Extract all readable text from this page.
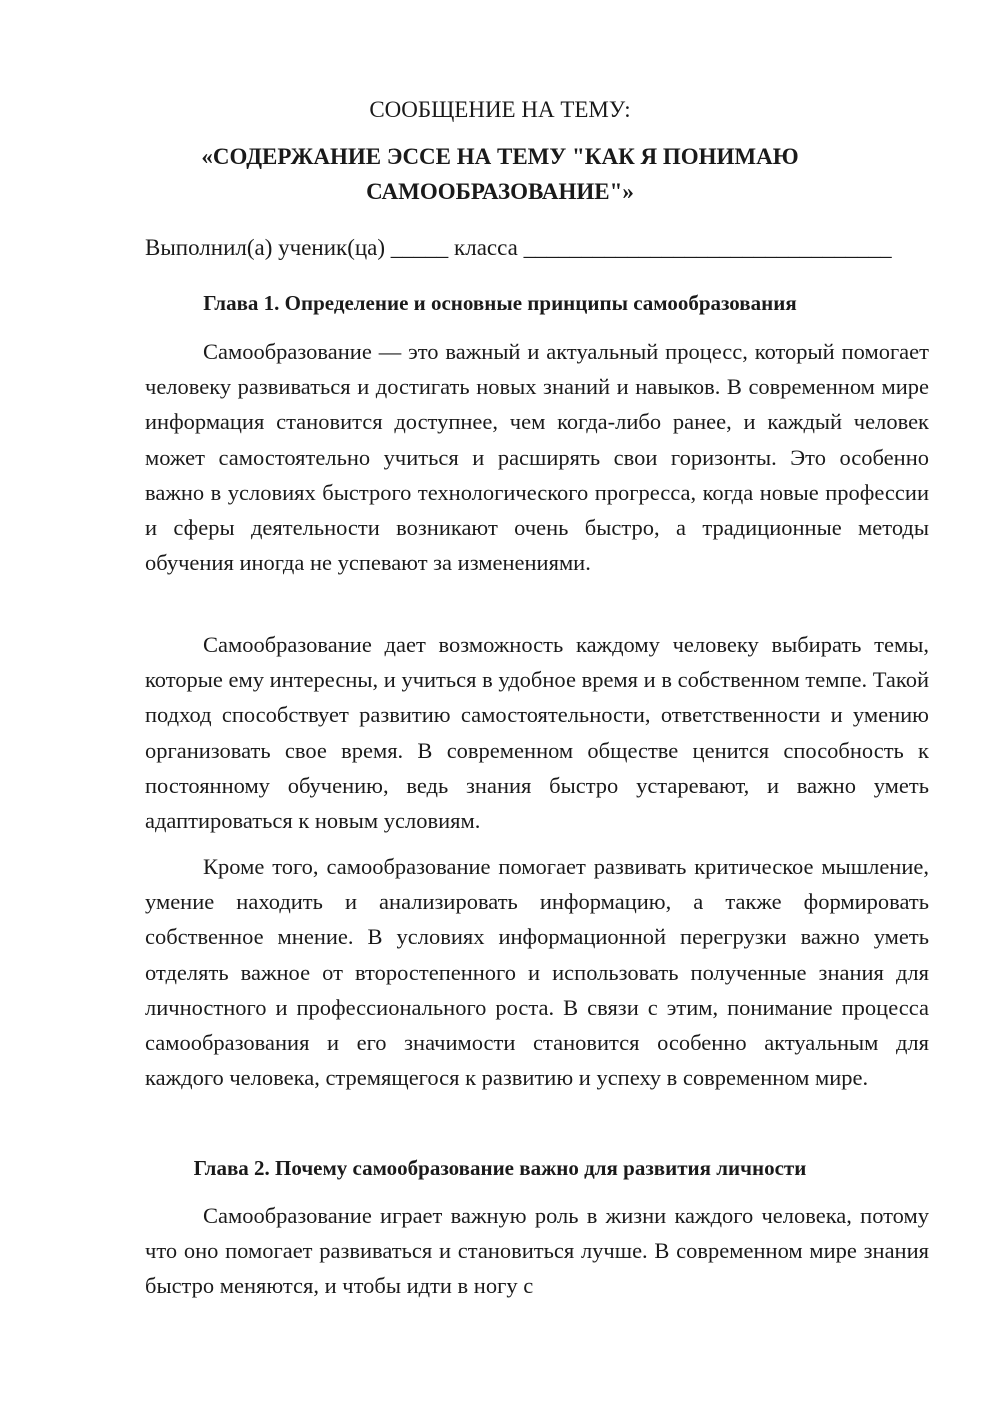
СООБЩЕНИЕ НА ТЕМУ:
«СОДЕРЖАНИЕ ЭССЕ НА ТЕМУ "КАК Я ПОНИМАЮ
САМООБРАЗОВАНИЕ"»
Выполнил(а) ученик(ца) _____ класса ________________________________
Глава 1. Определение и основные принципы самообразования

Самообразование — это важный и актуальный процесс, который помогает человеку развиваться и достигать новых знаний и навыков. В современном мире информация становится доступнее, чем когда-либо ранее, и каждый человек может самостоятельно учиться и расширять свои горизонты. Это особенно важно в условиях быстрого технологического прогресса, когда новые профессии и сферы деятельности возникают очень быстро, а традиционные методы обучения иногда не успевают за изменениями.

Самообразование дает возможность каждому человеку выбирать темы, которые ему интересны, и учиться в удобное время и в собственном темпе. Такой подход способствует развитию самостоятельности, ответственности и умению организовать свое время. В современном обществе ценится способность к постоянному обучению, ведь знания быстро устаревают, и важно уметь адаптироваться к новым условиям.

Кроме того, самообразование помогает развивать критическое мышление, умение находить и анализировать информацию, а также формировать собственное мнение. В условиях информационной перегрузки важно уметь отделять важное от второстепенного и использовать полученные знания для личностного и профессионального роста. В связи с этим, понимание процесса самообразования и его значимости становится особенно актуальным для каждого человека, стремящегося к развитию и успеху в современном мире.

Глава 2. Почему самообразование важно для развития личности

Самообразование играет важную роль в жизни каждого человека, потому что оно помогает развиваться и становиться лучше. В современном мире знания быстро меняются, и чтобы идти в ногу с
